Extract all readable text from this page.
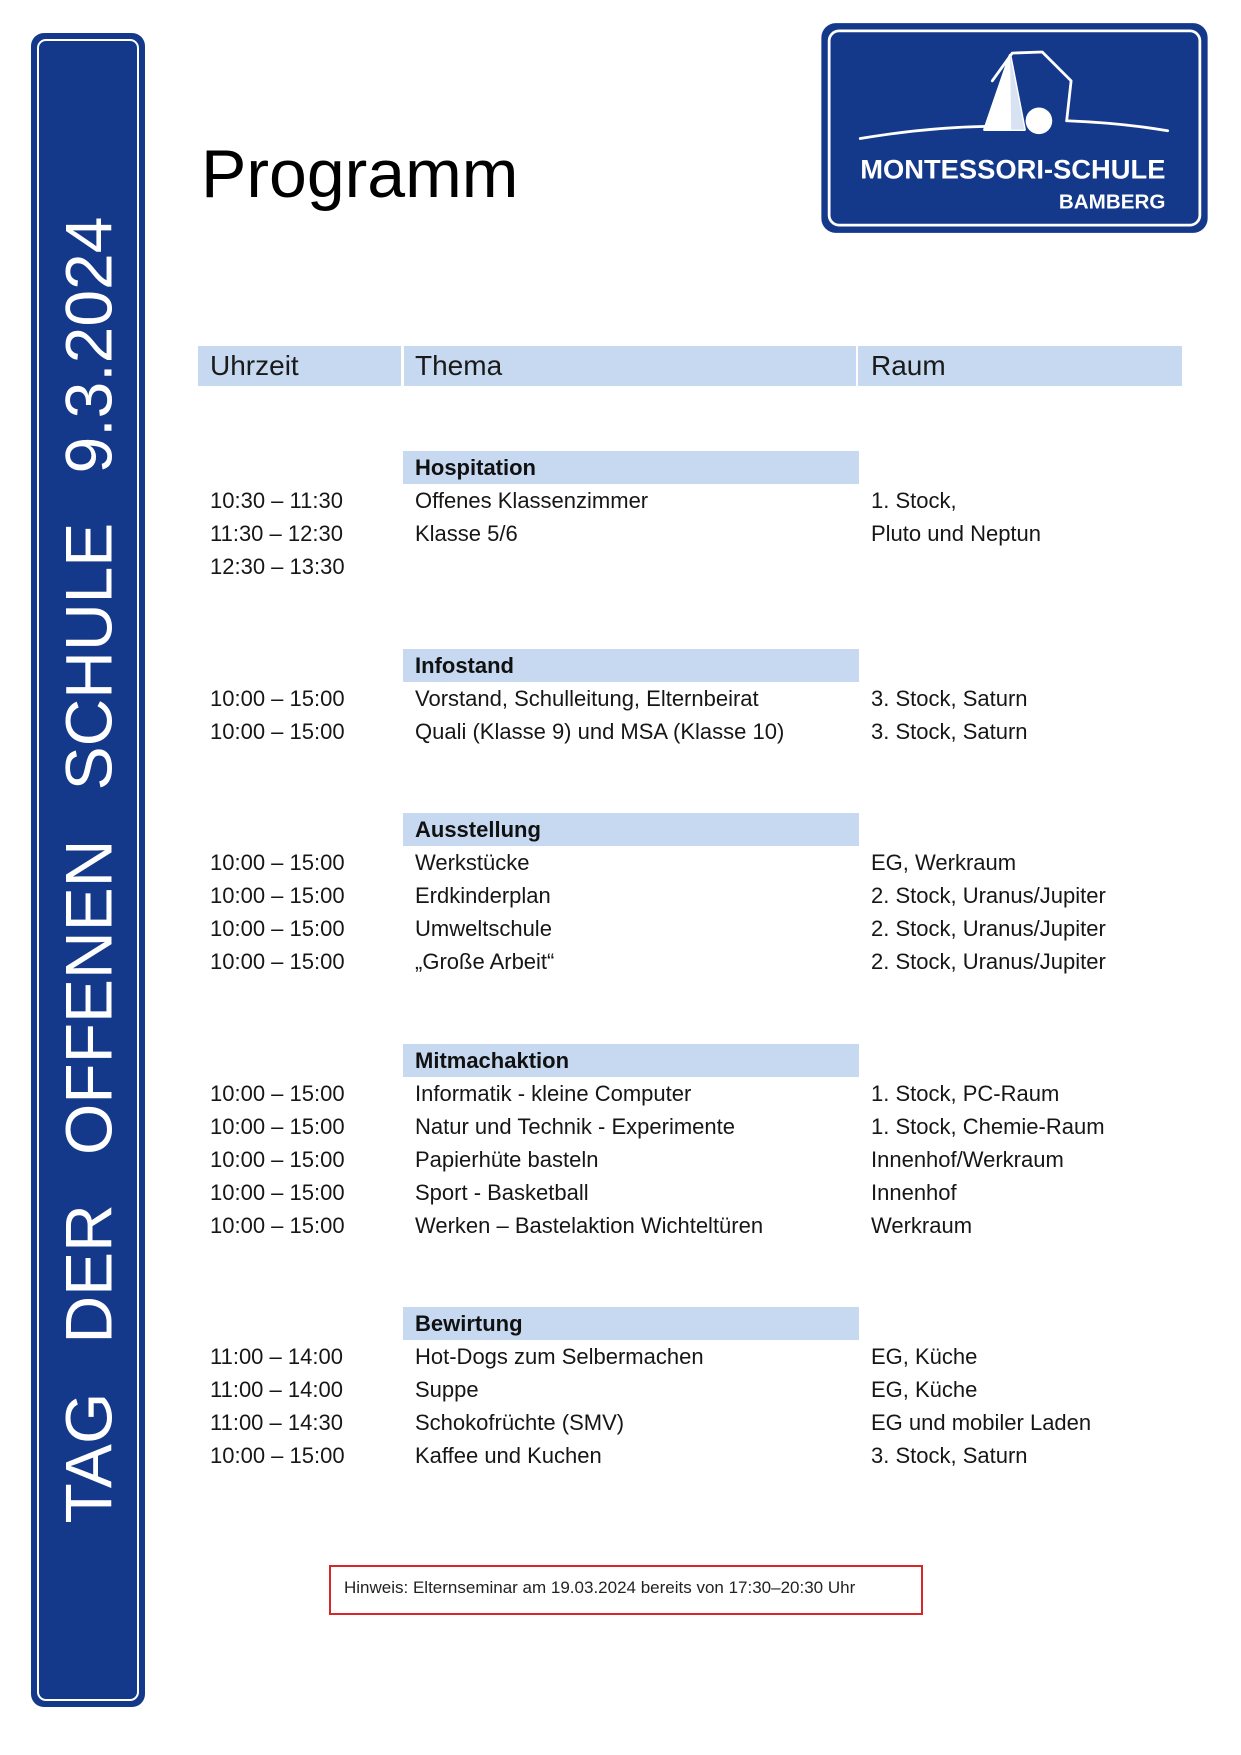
TAG
DER
OFFENEN
SCHULE
9.3.2024
MONTESSORI-SCHULE
BAMBERG
Programm
Uhrzeit	Thema	Raum
Hospitation
10:30 – 11:30	Offenes Klassenzimmer	1. Stock,
11:30 – 12:30	Klasse 5/6	Pluto und Neptun
12:30 – 13:30
Infostand
10:00 – 15:00	Vorstand, Schulleitung, Elternbeirat	3. Stock, Saturn
10:00 – 15:00	Quali (Klasse 9) und MSA (Klasse 10)	3. Stock, Saturn
Ausstellung
10:00 – 15:00	Werkstücke	EG, Werkraum
10:00 – 15:00	Erdkinderplan	2. Stock, Uranus/Jupiter
10:00 – 15:00	Umweltschule	2. Stock, Uranus/Jupiter
10:00 – 15:00	„Große Arbeit“	2. Stock, Uranus/Jupiter
Mitmachaktion
10:00 – 15:00	Informatik - kleine Computer	1. Stock, PC-Raum
10:00 – 15:00	Natur und Technik - Experimente	1. Stock, Chemie-Raum
10:00 – 15:00	Papierhüte basteln	Innenhof/Werkraum
10:00 – 15:00	Sport - Basketball	Innenhof
10:00 – 15:00	Werken – Bastelaktion Wichteltüren	Werkraum
Bewirtung
11:00 – 14:00	Hot-Dogs zum Selbermachen	EG, Küche
11:00 – 14:00	Suppe	EG, Küche
11:00 – 14:30	Schokofrüchte (SMV)	EG und mobiler Laden
10:00 – 15:00	Kaffee und Kuchen	3. Stock, Saturn
Hinweis: Elternseminar am 19.03.2024 bereits von 17:30–20:30 Uhr
